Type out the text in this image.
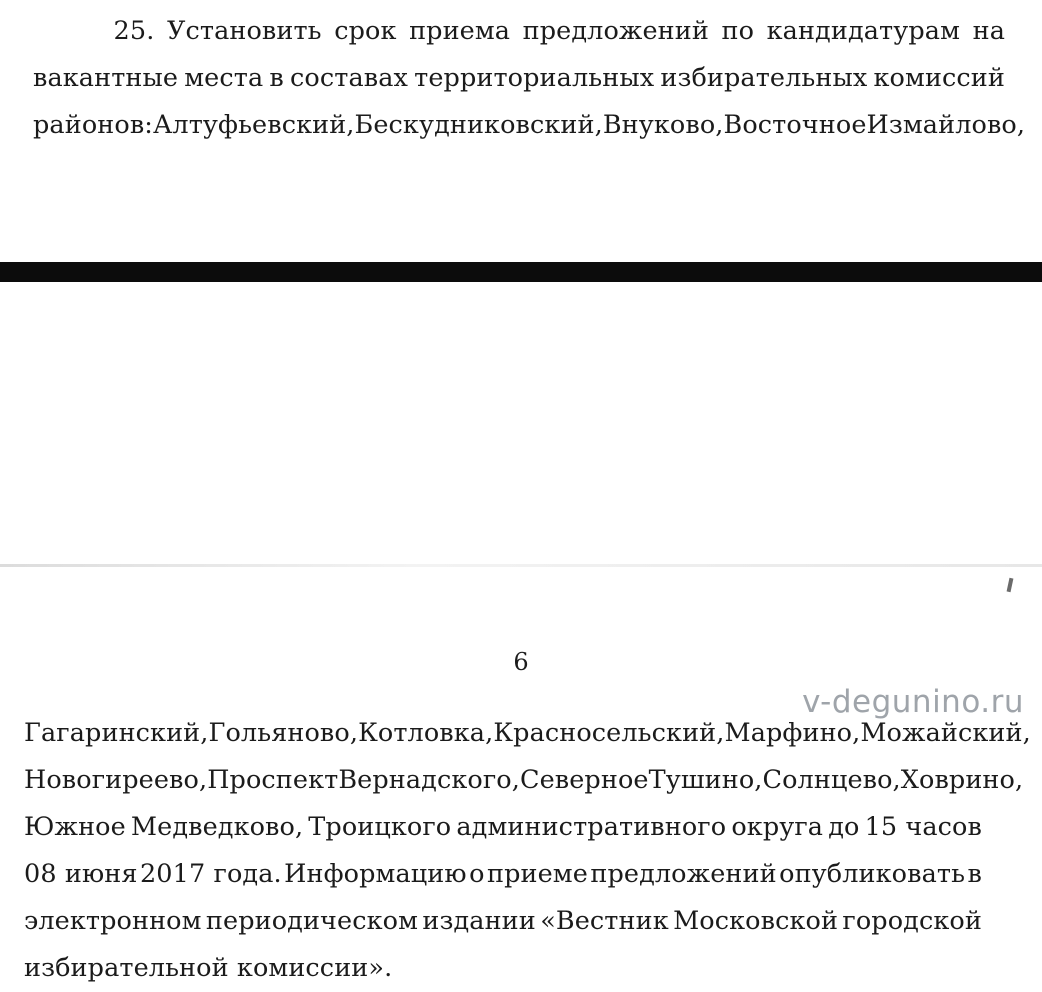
25. Установить срок приема предложений по кандидатурам на
вакантные места в составах территориальных избирательных комиссий
районов: Алтуфьевский, Бескудниковский, Внуково, Восточное Измайлово,
6
Гагаринский, Гольяново, Котловка, Красносельский, Марфино, Можайский,
Новогиреево, Проспект Вернадского, Северное Тушино, Солнцево, Ховрино,
Южное Медведково, Троицкого административного округа до 15 часов
08 июня 2017 года. Информацию о приеме предложений опубликовать в
электронном периодическом издании «Вестник Московской городской
избирательной комиссии».
v-degunino.ru
